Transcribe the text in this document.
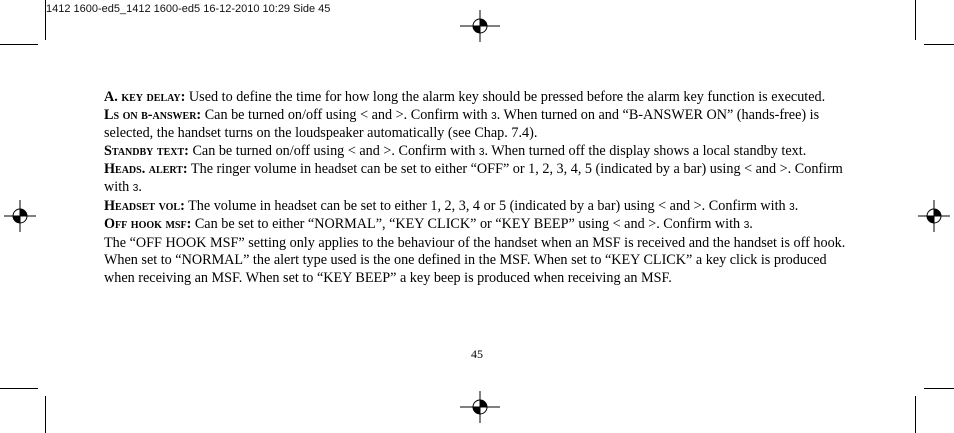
1412 1600-ed5_1412 1600-ed5 16-12-2010 10:29 Side 45

A. key delay: Used to define the time for how long the alarm key should be pressed before the alarm key function is executed.

Ls on b-answer: Can be turned on/off using < and >. Confirm with 3. When turned on and “B-ANSWER ON” (hands-free) is selected, the handset turns on the loudspeaker automatically (see Chap. 7.4).

Standby text: Can be turned on/off using < and >. Confirm with 3. When turned off the display shows a local standby text.

Heads. alert: The ringer volume in headset can be set to either “OFF” or 1, 2, 3, 4, 5 (indicated by a bar) using < and >. Confirm with 3.

Headset vol: The volume in headset can be set to either 1, 2, 3, 4 or 5 (indicated by a bar) using < and >. Confirm with 3.

Off hook msf: Can be set to either “NORMAL”, “KEY CLICK” or “KEY BEEP” using < and >. Confirm with 3.

The “OFF HOOK MSF” setting only applies to the behaviour of the handset when an MSF is received and the handset is off hook. When set to “NORMAL” the alert type used is the one defined in the MSF. When set to “KEY CLICK” a key click is produced when receiving an MSF. When set to “KEY BEEP” a key beep is produced when receiving an MSF.

45
